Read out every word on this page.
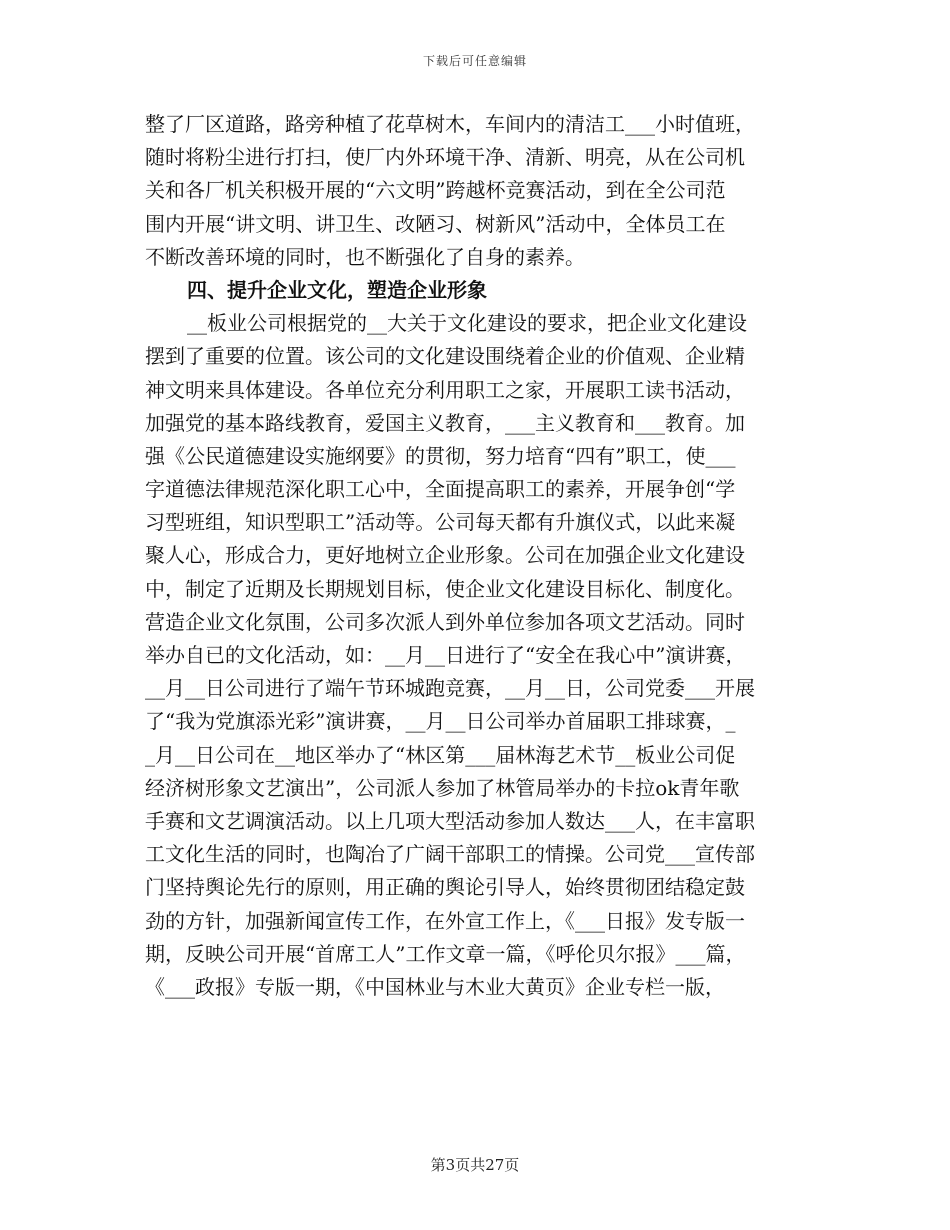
下载后可任意编辑
整了厂区道路，路旁种植了花草树木，车间内的清洁工___小时值班，
随时将粉尘进行打扫，使厂内外环境干净、清新、明亮，从在公司机
关和各厂机关积极开展的“六文明”跨越杯竞赛活动，到在全公司范
围内开展“讲文明、讲卫生、改陋习、树新风”活动中，全体员工在
不断改善环境的同时，也不断强化了自身的素养。
四、提升企业文化，塑造企业形象
__板业公司根据党的__大关于文化建设的要求，把企业文化建设
摆到了重要的位置。该公司的文化建设围绕着企业的价值观、企业精
神文明来具体建设。各单位充分利用职工之家，开展职工读书活动，
加强党的基本路线教育，爱国主义教育，___主义教育和___教育。加
强《公民道德建设实施纲要》的贯彻，努力培育“四有”职工，使___
字道德法律规范深化职工心中，全面提高职工的素养，开展争创“学
习型班组，知识型职工”活动等。公司每天都有升旗仪式，以此来凝
聚人心，形成合力，更好地树立企业形象。公司在加强企业文化建设
中，制定了近期及长期规划目标，使企业文化建设目标化、制度化。
营造企业文化氛围，公司多次派人到外单位参加各项文艺活动。同时
举办自已的文化活动，如：__月__日进行了“安全在我心中”演讲赛，
__月__日公司进行了端午节环城跑竞赛，__月__日，公司党委___开展
了“我为党旗添光彩”演讲赛，__月__日公司举办首届职工排球赛，_
_月__日公司在__地区举办了“林区第___届林海艺术节__板业公司促
经济树形象文艺演出”，公司派人参加了林管局举办的卡拉ok青年歌
手赛和文艺调演活动。以上几项大型活动参加人数达___人，在丰富职
工文化生活的同时，也陶冶了广阔干部职工的情操。公司党___宣传部
门坚持舆论先行的原则，用正确的舆论引导人，始终贯彻团结稳定鼓
劲的方针，加强新闻宣传工作，在外宣工作上，《___日报》发专版一
期，反映公司开展“首席工人”工作文章一篇，《呼伦贝尔报》___篇，
《___政报》专版一期，《中国林业与木业大黄页》企业专栏一版，
第3页共27页
